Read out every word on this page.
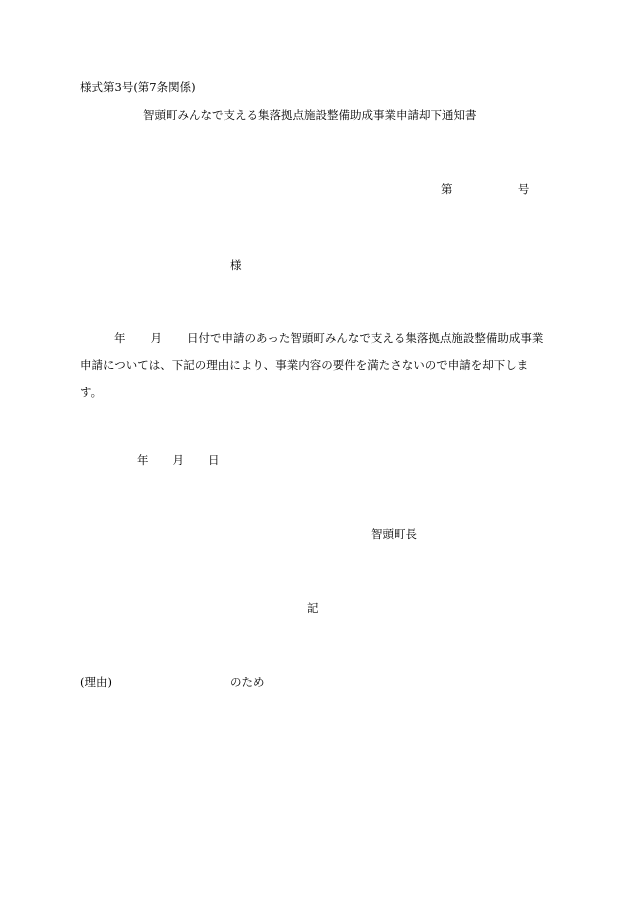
様式第3号(第7条関係)
智頭町みんなで支える集落拠点施設整備助成事業申請却下通知書
第	号
様
年 月 日付で申請のあった智頭町みんなで支える集落拠点施設整備助成事業申請については、下記の理由により、事業内容の要件を満たさないので申請を却下します。
年 月 日
智頭町長
記
(理由)	のため
